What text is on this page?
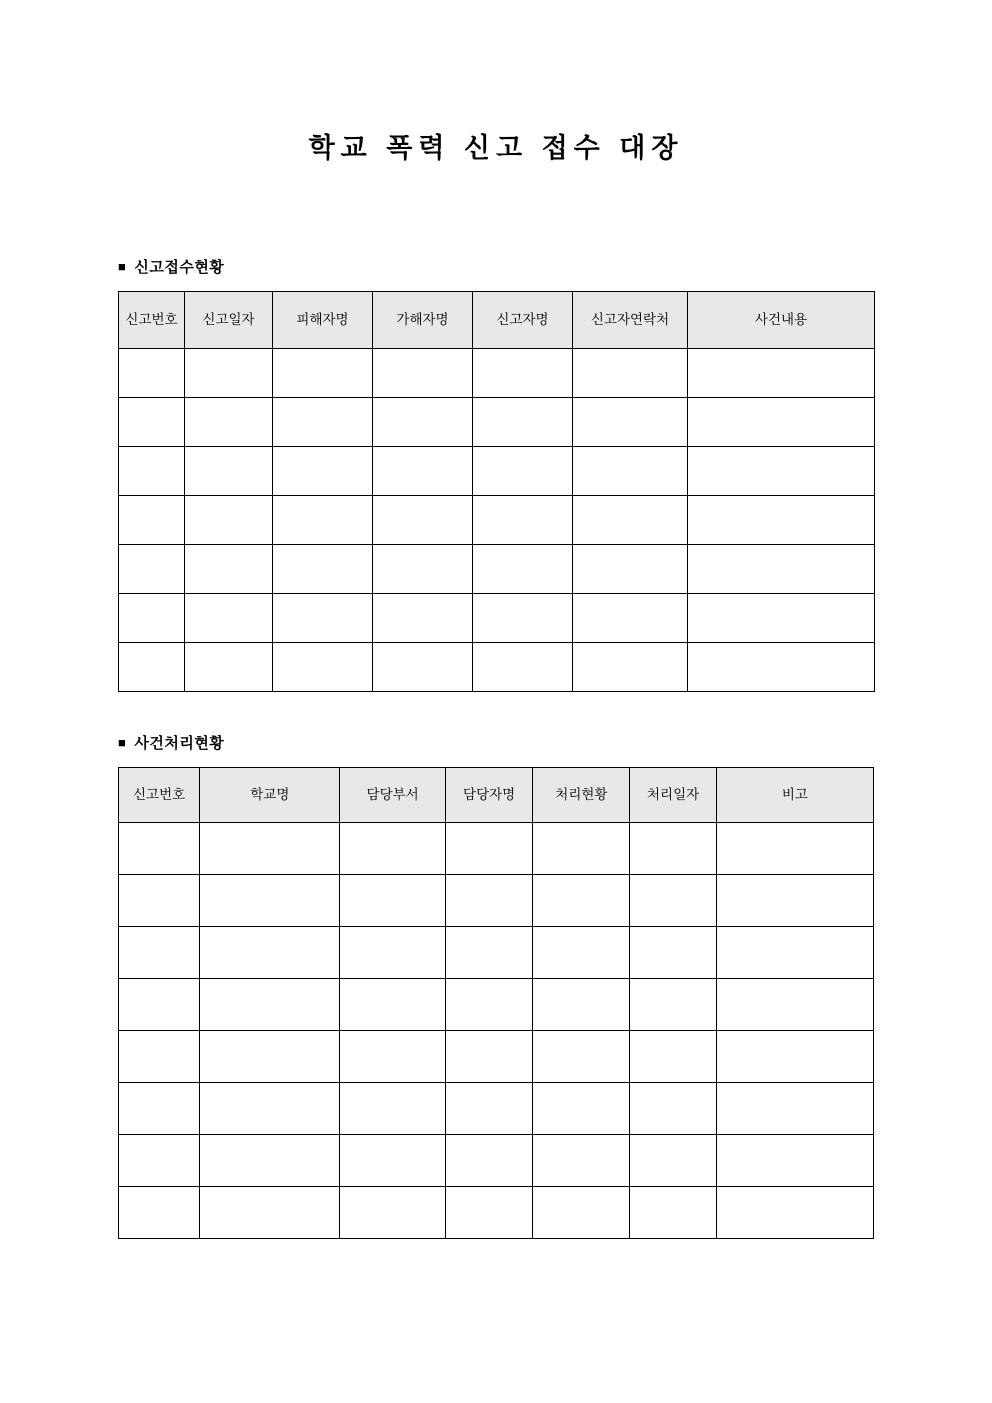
학교 폭력 신고 접수 대장
■ 신고접수현황
신고번호	신고일자	피해자명	가해자명	신고자명	신고자연락처	사건내용

■ 사건처리현황
신고번호	학교명	담당부서	담당자명	처리현황	처리일자	비고
